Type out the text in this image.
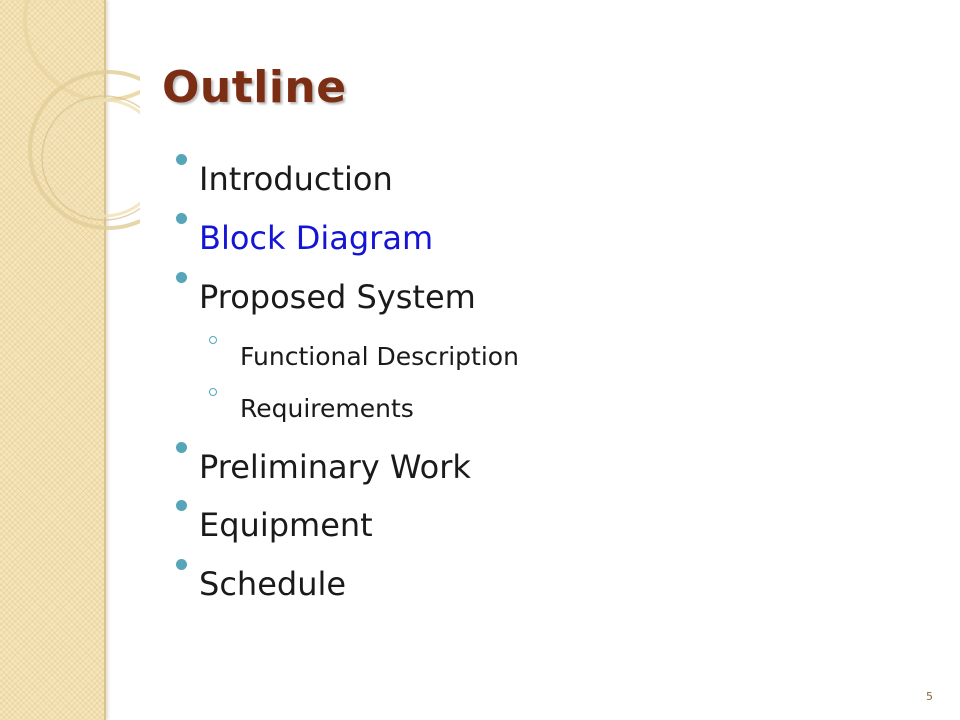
Outline
Introduction
Block Diagram
Proposed System
Functional Description
Requirements
Preliminary Work
Equipment
Schedule
5
